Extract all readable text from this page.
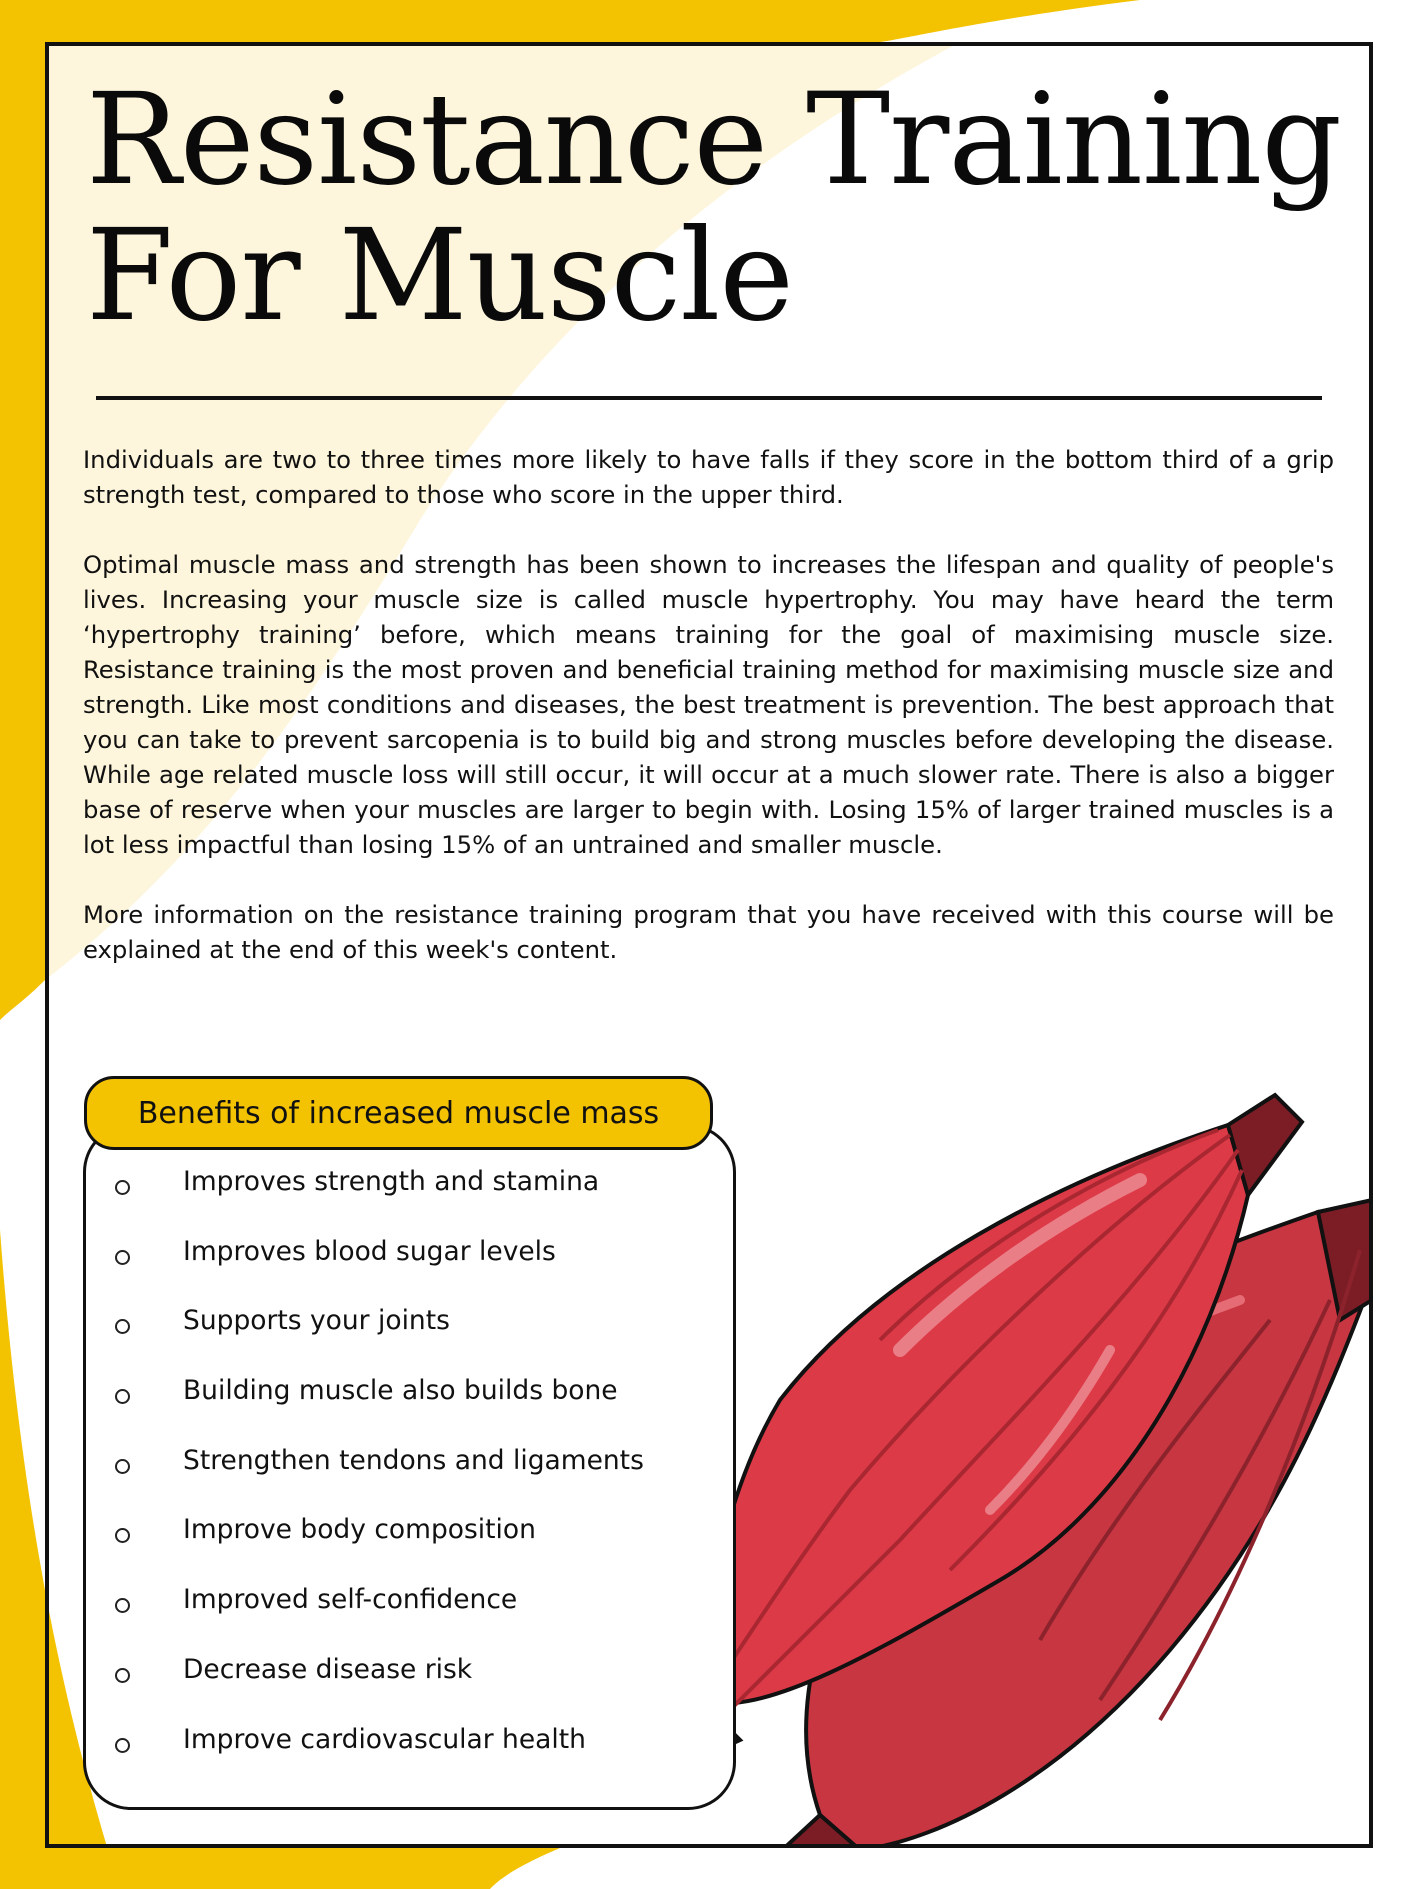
Resistance Training
For Muscle

Individuals are two to three times more likely to have falls if they score in the bottom third of a grip strength test, compared to those who score in the upper third.

Optimal muscle mass and strength has been shown to increases the lifespan and quality of people's lives. Increasing your muscle size is called muscle hypertrophy. You may have heard the term ‘hypertrophy training’ before, which means training for the goal of maximising muscle size. Resistance training is the most proven and beneficial training method for maximising muscle size and strength. Like most conditions and diseases, the best treatment is prevention. The best approach that you can take to prevent sarcopenia is to build big and strong muscles before developing the disease. While age related muscle loss will still occur, it will occur at a much slower rate. There is also a bigger base of reserve when your muscles are larger to begin with. Losing 15% of larger trained muscles is a lot less impactful than losing 15% of an untrained and smaller muscle.

More information on the resistance training program that you have received with this course will be explained at the end of this week's content.

Benefits of increased muscle mass
Improves strength and stamina
Improves blood sugar levels
Supports your joints
Building muscle also builds bone
Strengthen tendons and ligaments
Improve body composition
Improved self-confidence
Decrease disease risk
Improve cardiovascular health
